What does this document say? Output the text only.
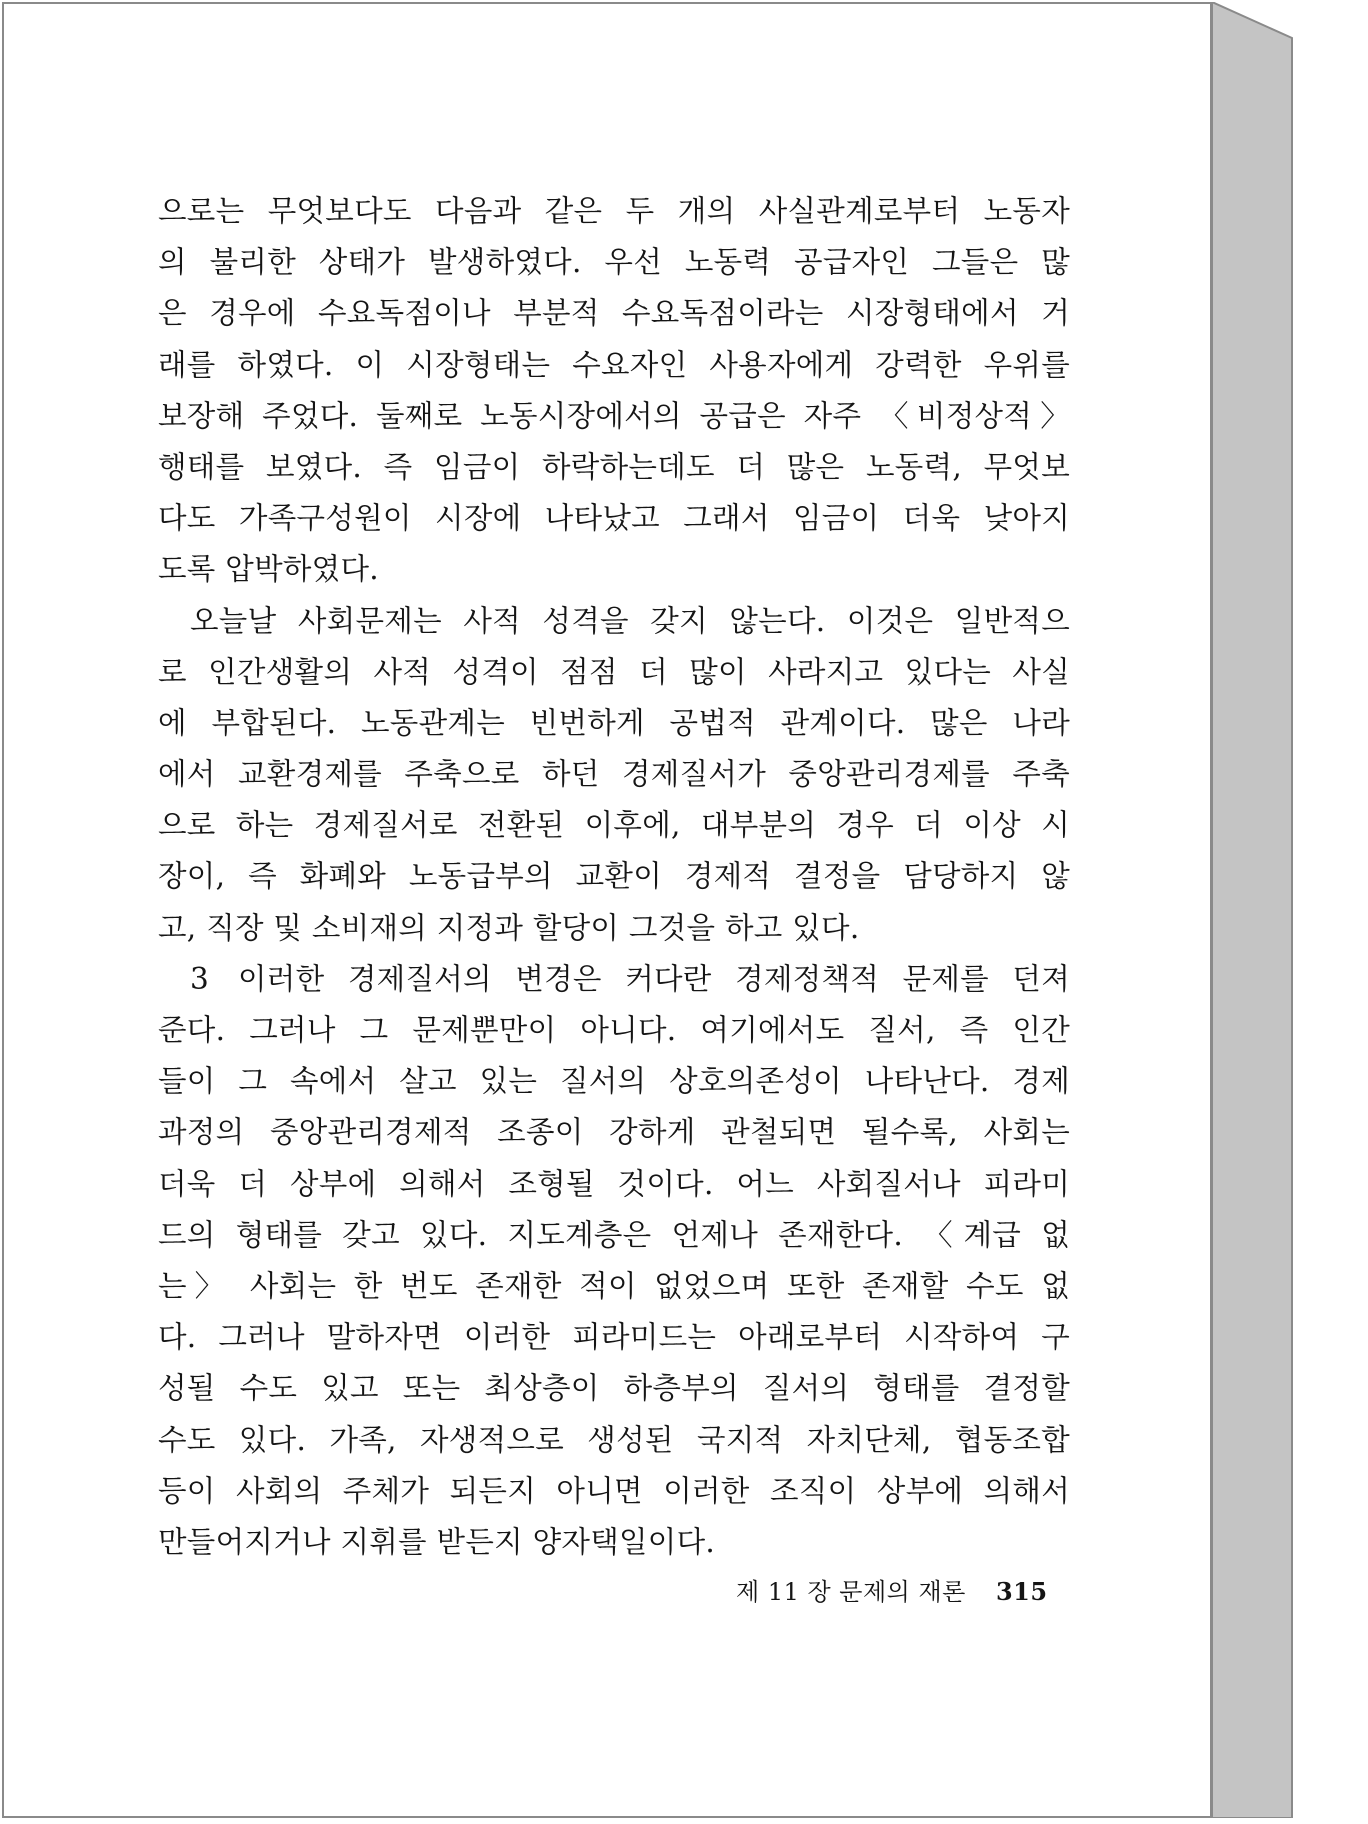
으로는 무엇보다도 다음과 같은 두 개의 사실관계로부터 노동자
의 불리한 상태가 발생하였다. 우선 노동력 공급자인 그들은 많
은 경우에 수요독점이나 부분적 수요독점이라는 시장형태에서 거
래를 하였다. 이 시장형태는 수요자인 사용자에게 강력한 우위를
보장해 주었다. 둘째로 노동시장에서의 공급은 자주 〈비정상적〉
행태를 보였다. 즉 임금이 하락하는데도 더 많은 노동력, 무엇보
다도 가족구성원이 시장에 나타났고 그래서 임금이 더욱 낮아지
도록 압박하였다.
오늘날 사회문제는 사적 성격을 갖지 않는다. 이것은 일반적으
로 인간생활의 사적 성격이 점점 더 많이 사라지고 있다는 사실
에 부합된다. 노동관계는 빈번하게 공법적 관계이다. 많은 나라
에서 교환경제를 주축으로 하던 경제질서가 중앙관리경제를 주축
으로 하는 경제질서로 전환된 이후에, 대부분의 경우 더 이상 시
장이, 즉 화폐와 노동급부의 교환이 경제적 결정을 담당하지 않
고, 직장 및 소비재의 지정과 할당이 그것을 하고 있다.
3 이러한 경제질서의 변경은 커다란 경제정책적 문제를 던져
준다. 그러나 그 문제뿐만이 아니다. 여기에서도 질서, 즉 인간
들이 그 속에서 살고 있는 질서의 상호의존성이 나타난다. 경제
과정의 중앙관리경제적 조종이 강하게 관철되면 될수록, 사회는
더욱 더 상부에 의해서 조형될 것이다. 어느 사회질서나 피라미
드의 형태를 갖고 있다. 지도계층은 언제나 존재한다. 〈계급 없
는〉 사회는 한 번도 존재한 적이 없었으며 또한 존재할 수도 없
다. 그러나 말하자면 이러한 피라미드는 아래로부터 시작하여 구
성될 수도 있고 또는 최상층이 하층부의 질서의 형태를 결정할
수도 있다. 가족, 자생적으로 생성된 국지적 자치단체, 협동조합
등이 사회의 주체가 되든지 아니면 이러한 조직이 상부에 의해서
만들어지거나 지휘를 받든지 양자택일이다.
제 11 장 문제의 재론 315
